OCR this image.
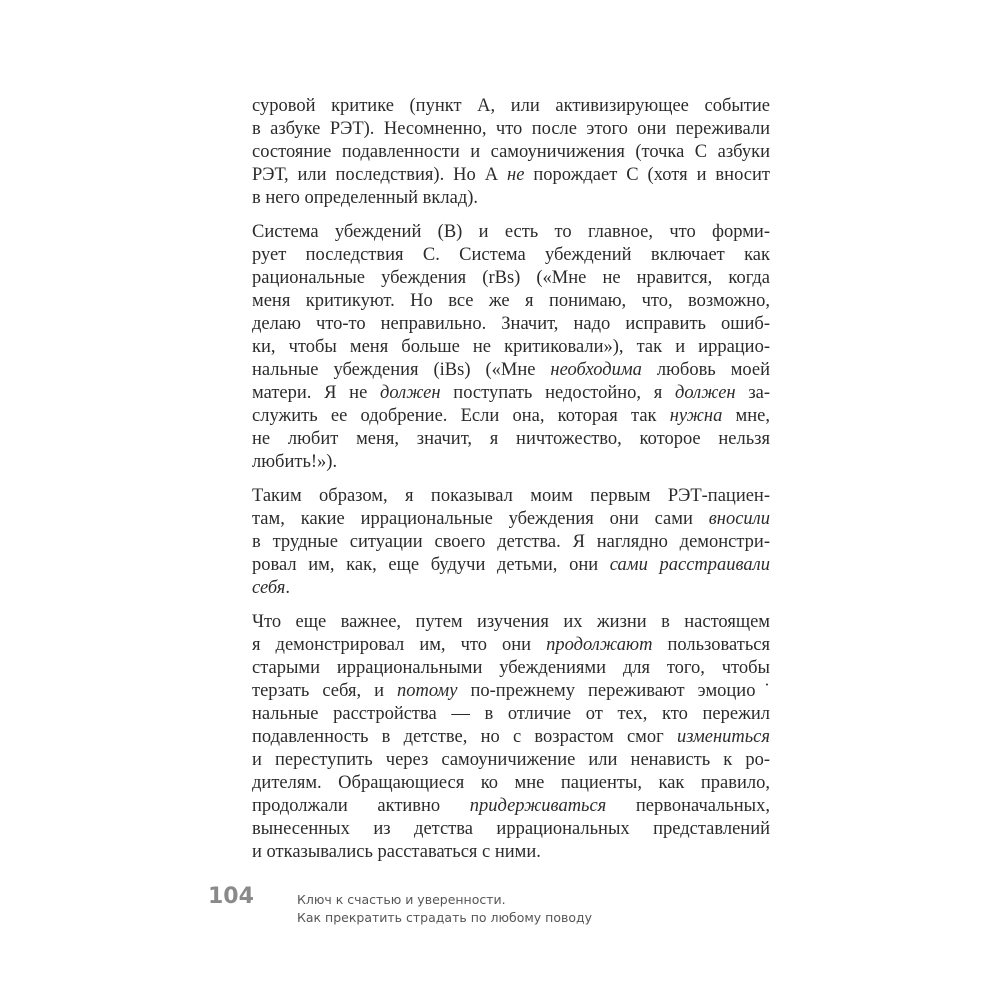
суровой критике (пункт А, или активизирующее событие
в азбуке РЭТ). Несомненно, что после этого они переживали
состояние подавленности и самоуничижения (точка С азбуки
РЭТ, или последствия). Но А не порождает С (хотя и вносит
в него определенный вклад).
Система убеждений (В) и есть то главное, что форми-
рует последствия С. Система убеждений включает как
рациональные убеждения (rBs) («Мне не нравится, когда
меня критикуют. Но все же я понимаю, что, возможно,
делаю что-то неправильно. Значит, надо исправить ошиб-
ки, чтобы меня больше не критиковали»), так и иррацио-
нальные убеждения (iBs) («Мне необходима любовь моей
матери. Я не должен поступать недостойно, я должен за-
служить ее одобрение. Если она, которая так нужна мне,
не любит меня, значит, я ничтожество, которое нельзя
любить!»).
Таким образом, я показывал моим первым РЭТ-пациен-
там, какие иррациональные убеждения они сами вносили
в трудные ситуации своего детства. Я наглядно демонстри-
ровал им, как, еще будучи детьми, они сами расстраивали
себя.
Что еще важнее, путем изучения их жизни в настоящем
я демонстрировал им, что они продолжают пользоваться
старыми иррациональными убеждениями для того, чтобы
терзать себя, и потому по-прежнему переживают эмоцио˙
нальные расстройства — в отличие от тех, кто пережил
подавленность в детстве, но с возрастом смог измениться
и переступить через самоуничижение или ненависть к ро-
дителям. Обращающиеся ко мне пациенты, как правило,
продолжали активно придерживаться первоначальных,
вынесенных из детства иррациональных представлений
и отказывались расставаться с ними.
104	Ключ к счастью и уверенности.
Как прекратить страдать по любому поводу
